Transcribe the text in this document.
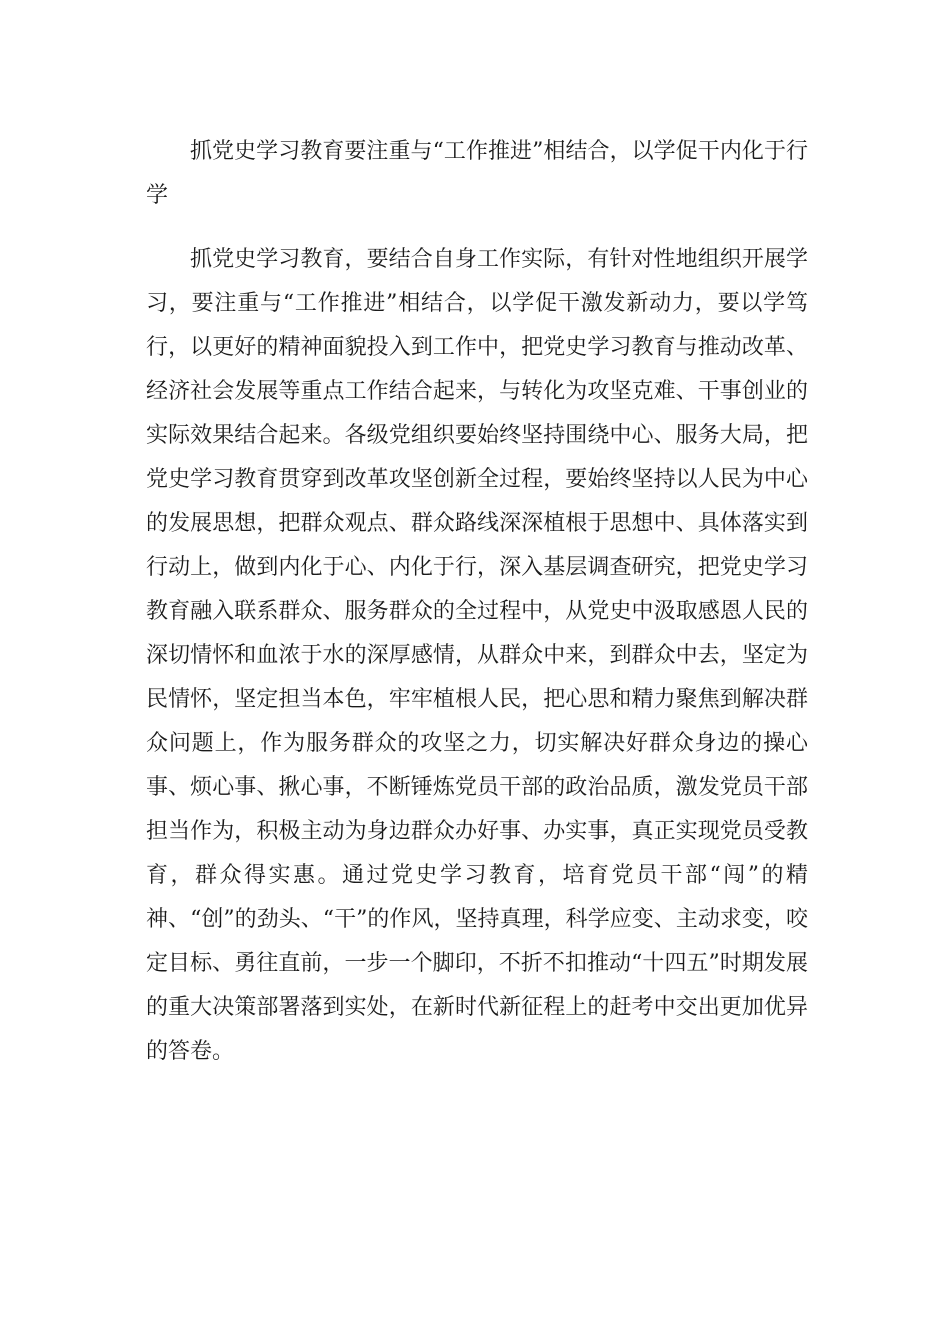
抓党史学习教育要注重与“工作推进”相结合，以学促干内化于行学

抓党史学习教育，要结合自身工作实际，有针对性地组织开展学习，要注重与“工作推进”相结合，以学促干激发新动力，要以学笃行，以更好的精神面貌投入到工作中，把党史学习教育与推动改革、经济社会发展等重点工作结合起来，与转化为攻坚克难、干事创业的实际效果结合起来。各级党组织要始终坚持围绕中心、服务大局，把党史学习教育贯穿到改革攻坚创新全过程，要始终坚持以人民为中心的发展思想，把群众观点、群众路线深深植根于思想中、具体落实到行动上，做到内化于心、内化于行，深入基层调查研究，把党史学习教育融入联系群众、服务群众的全过程中，从党史中汲取感恩人民的深切情怀和血浓于水的深厚感情，从群众中来，到群众中去，坚定为民情怀，坚定担当本色，牢牢植根人民，把心思和精力聚焦到解决群众问题上，作为服务群众的攻坚之力，切实解决好群众身边的操心事、烦心事、揪心事，不断锤炼党员干部的政治品质，激发党员干部担当作为，积极主动为身边群众办好事、办实事，真正实现党员受教育，群众得实惠。通过党史学习教育，培育党员干部“闯”的精神、“创”的劲头、“干”的作风，坚持真理，科学应变、主动求变，咬定目标、勇往直前，一步一个脚印，不折不扣推动“十四五”时期发展的重大决策部署落到实处，在新时代新征程上的赶考中交出更加优异的答卷。
